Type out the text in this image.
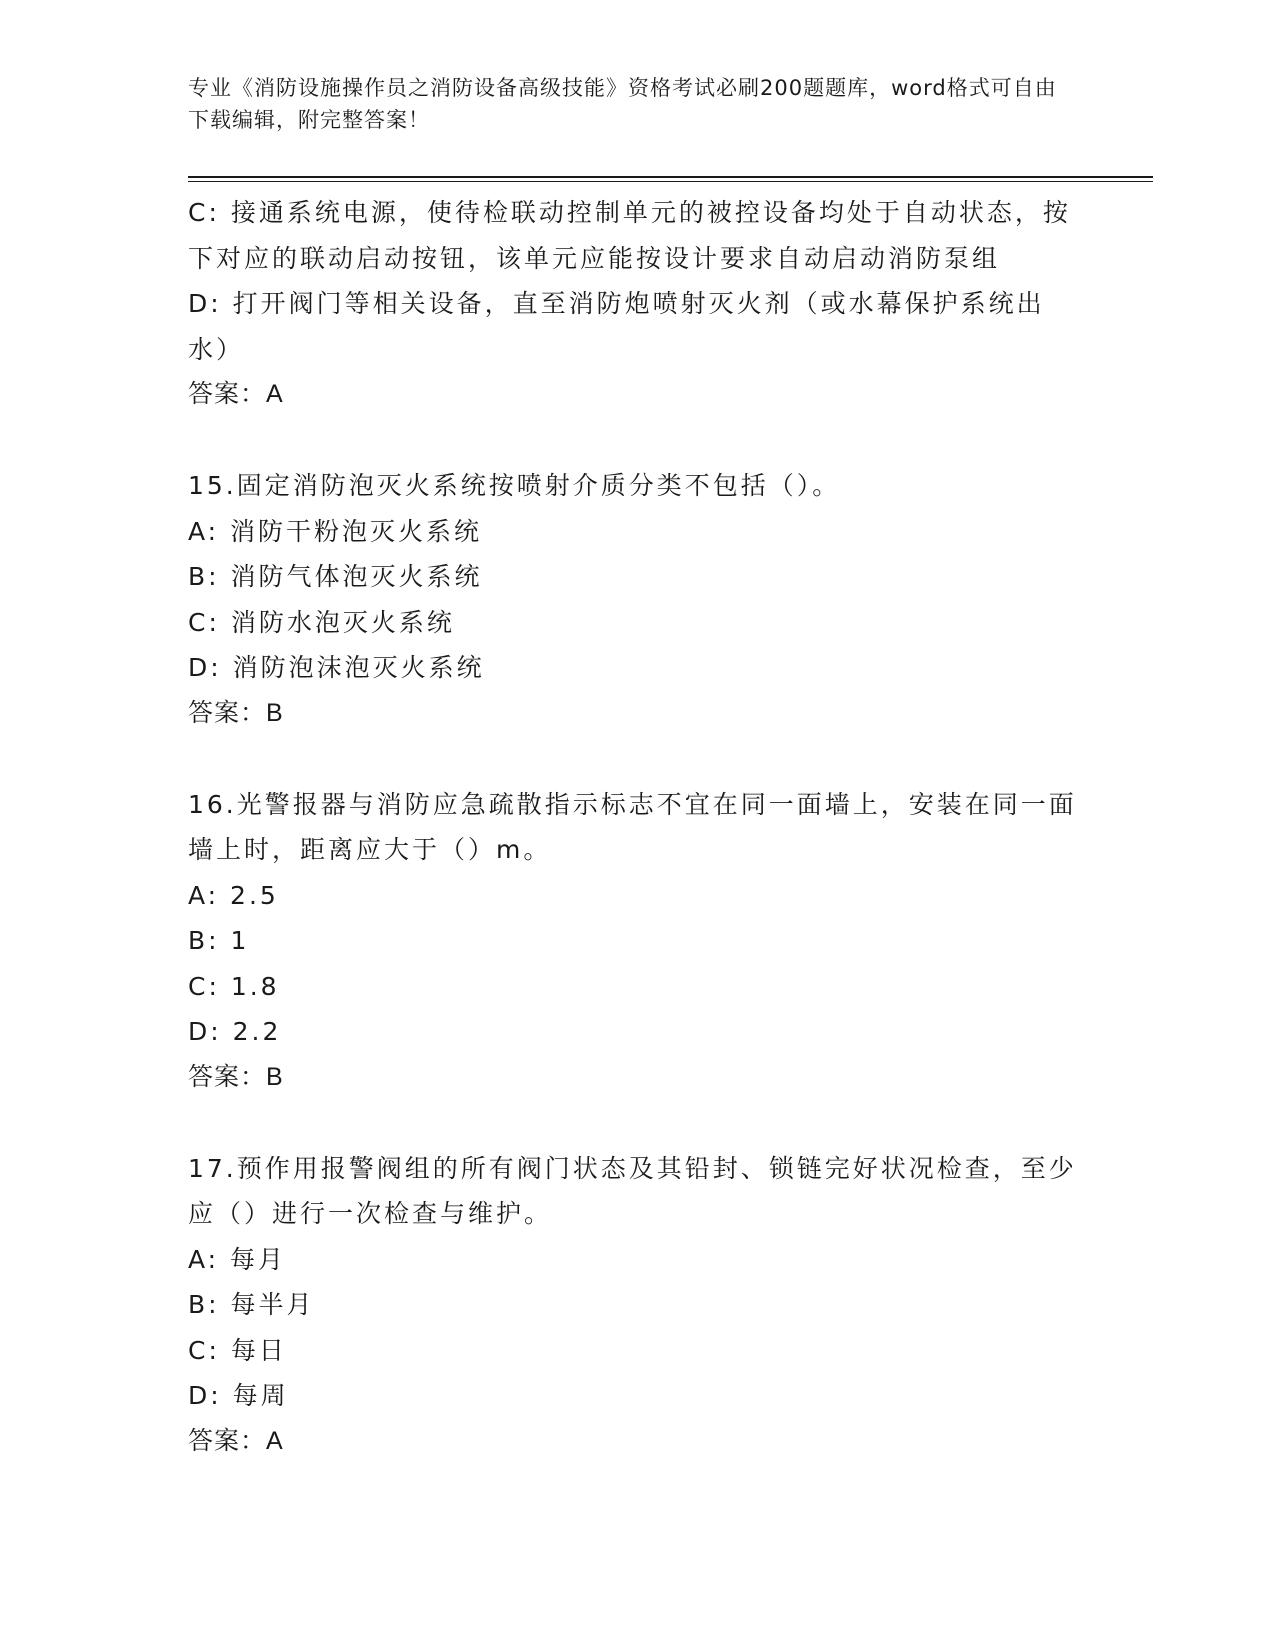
专业《消防设施操作员之消防设备高级技能》资格考试必刷200题题库，word格式可自由下载编辑，附完整答案！
C: 接通系统电源，使待检联动控制单元的被控设备均处于自动状态，按下对应的联动启动按钮，该单元应能按设计要求自动启动消防泵组
D: 打开阀门等相关设备，直至消防炮喷射灭火剂（或水幕保护系统出水）
答案：A
15.固定消防泡灭火系统按喷射介质分类不包括（）。
A: 消防干粉泡灭火系统
B: 消防气体泡灭火系统
C: 消防水泡灭火系统
D: 消防泡沫泡灭火系统
答案：B
16.光警报器与消防应急疏散指示标志不宜在同一面墙上，安装在同一面墙上时，距离应大于（）m。
A: 2.5
B: 1
C: 1.8
D: 2.2
答案：B
17.预作用报警阀组的所有阀门状态及其铅封、锁链完好状况检查，至少应（）进行一次检查与维护。
A: 每月
B: 每半月
C: 每日
D: 每周
答案：A
